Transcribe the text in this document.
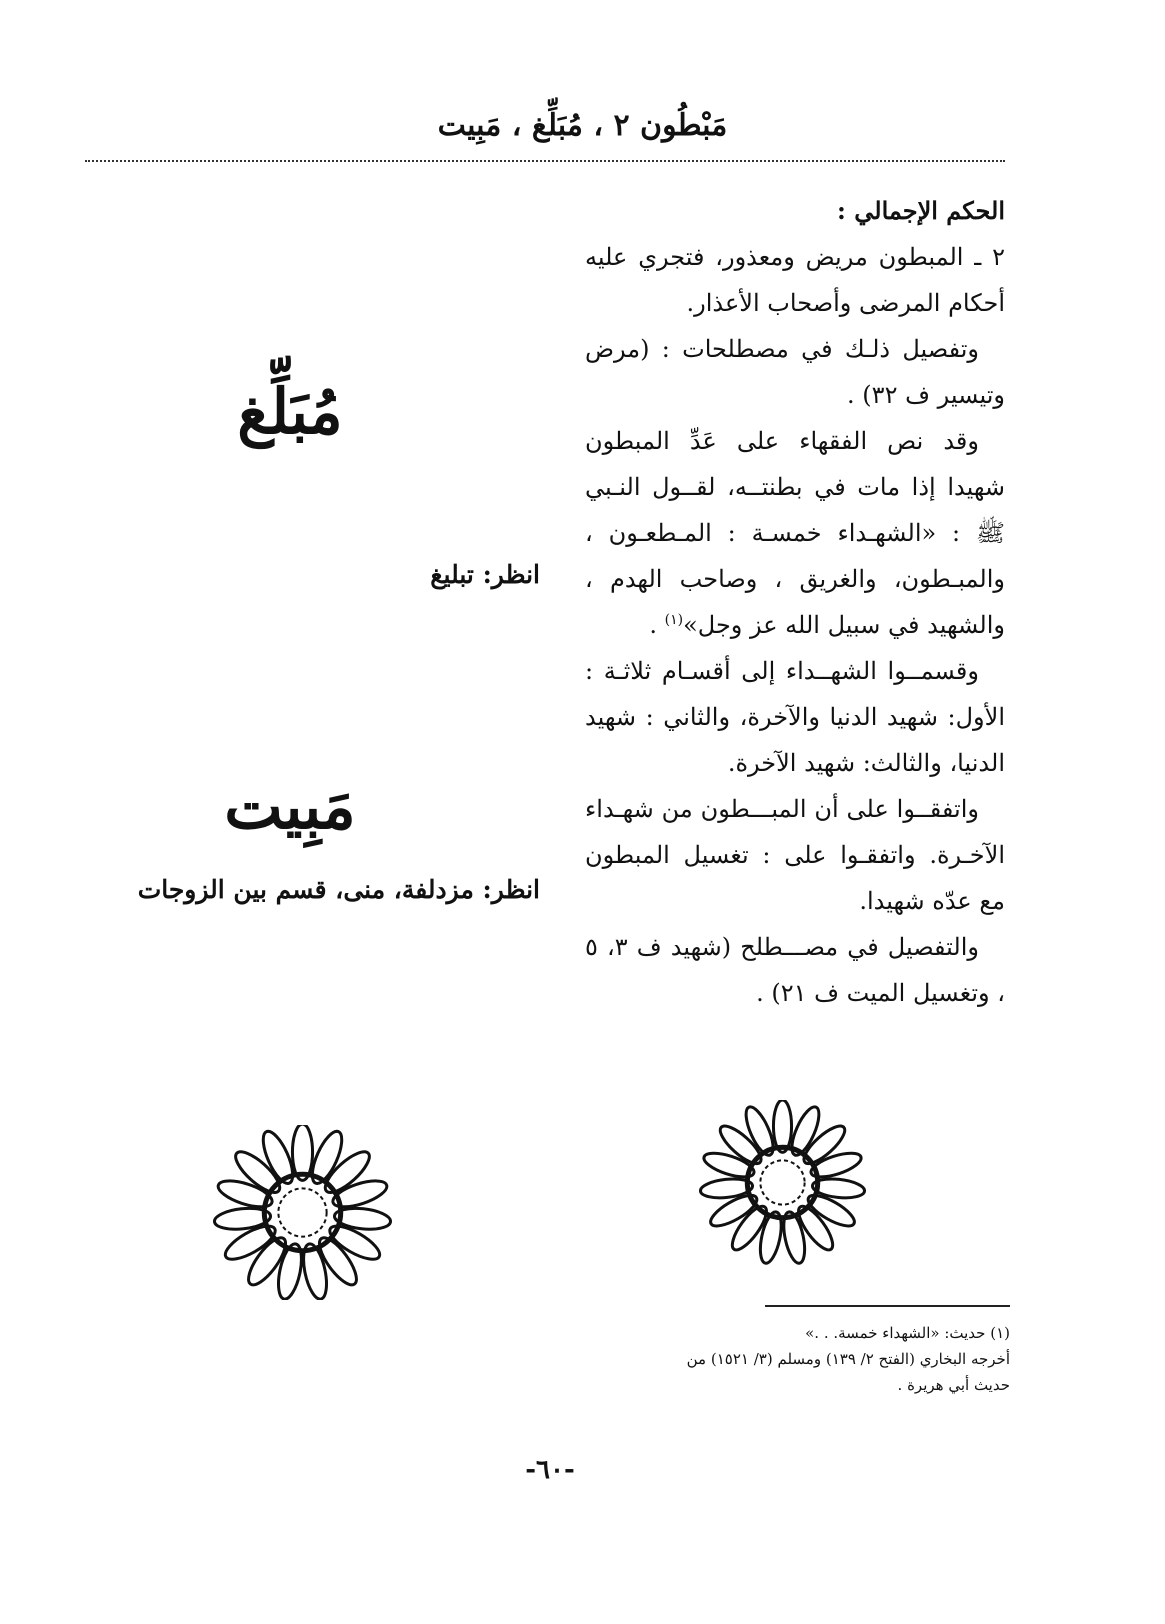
مَبْطُون ٢ ، مُبَلِّغ ، مَبِيت

الحكم الإجمالي :

٢ ـ المبطون مريض ومعذور، فتجري عليه أحكام المرضى وأصحاب الأعذار.

وتفصيل ذلـك في مصطلحات : (مرض وتيسير ف ٣٢) .

وقد نص الفقهاء على عَدِّ المبطون شهيدا إذا مات في بطنتــه، لقــول النـبي ﷺ : «الشهـداء خمسـة : المـطعـون ، والمبـطون، والغريق ، وصاحب الهدم ، والشهيد في سبيل الله عز وجل»$^{(١)}$ .

وقسمــوا الشهــداء إلى أقسـام ثلاثـة : الأول: شهيد الدنيا والآخرة، والثاني : شهيد الدنيا، والثالث: شهيد الآخرة.

واتفقــوا على أن المبـــطون من شهـداء الآخـرة. واتفقـوا على : تغسيل المبطون مع عدّه شهيدا.

والتفصيل في مصـــطلح (شهيد ف ٣، ٥ ، وتغسيل الميت ف ٢١) .

مُبَلِّغ
انظر: تبليغ
مَبِيت
انظر: مزدلفة، منى، قسم بين الزوجات

(١) حديث: «الشهداء خمسة. . .»

أخرجه البخاري (الفتح ٢/ ١٣٩) ومسلم (٣/ ١٥٢١) من

حديث أبي هريرة .

-٦٠-
